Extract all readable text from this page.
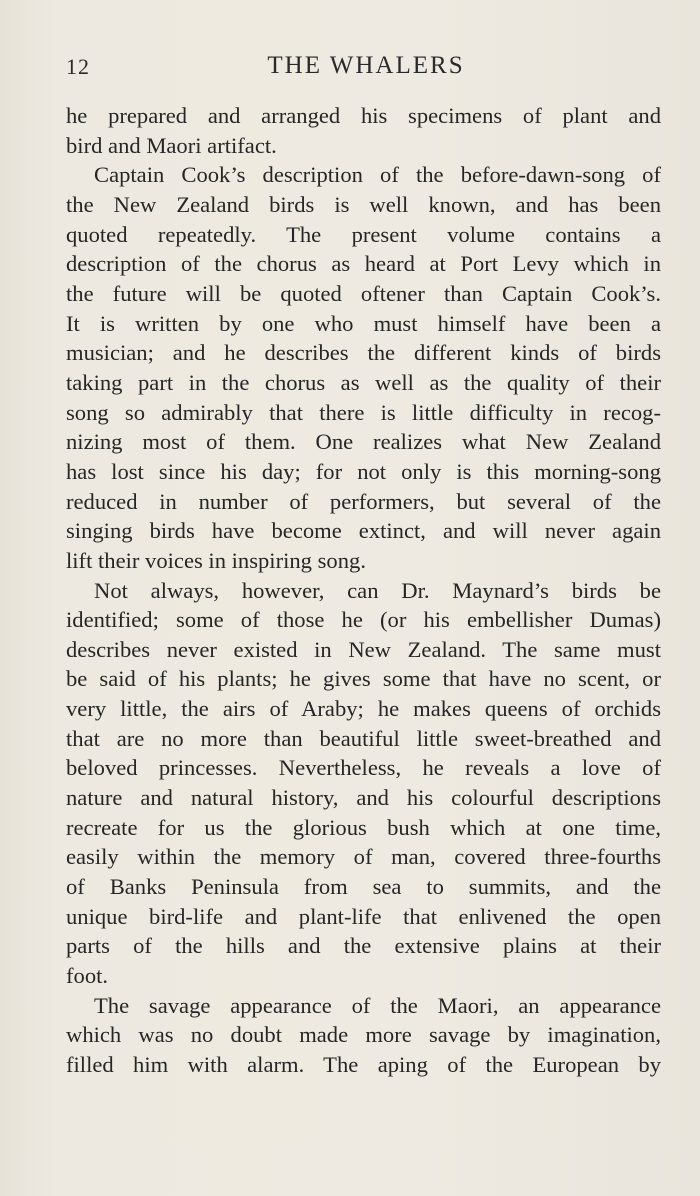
12	THE WHALERS
he prepared and arranged his specimens of plant and
bird and Maori artifact.
Captain Cook’s description of the before-dawn-song of
the New Zealand birds is well known, and has been
quoted repeatedly. The present volume contains a
description of the chorus as heard at Port Levy which in
the future will be quoted oftener than Captain Cook’s.
It is written by one who must himself have been a
musician; and he describes the different kinds of birds
taking part in the chorus as well as the quality of their
song so admirably that there is little difficulty in recog-
nizing most of them. One realizes what New Zealand
has lost since his day; for not only is this morning-song
reduced in number of performers, but several of the
singing birds have become extinct, and will never again
lift their voices in inspiring song.
Not always, however, can Dr. Maynard’s birds be
identified; some of those he (or his embellisher Dumas)
describes never existed in New Zealand. The same must
be said of his plants; he gives some that have no scent, or
very little, the airs of Araby; he makes queens of orchids
that are no more than beautiful little sweet-breathed and
beloved princesses. Nevertheless, he reveals a love of
nature and natural history, and his colourful descriptions
recreate for us the glorious bush which at one time,
easily within the memory of man, covered three-fourths
of Banks Peninsula from sea to summits, and the
unique bird-life and plant-life that enlivened the open
parts of the hills and the extensive plains at their
foot.
The savage appearance of the Maori, an appearance
which was no doubt made more savage by imagination,
filled him with alarm. The aping of the European by
